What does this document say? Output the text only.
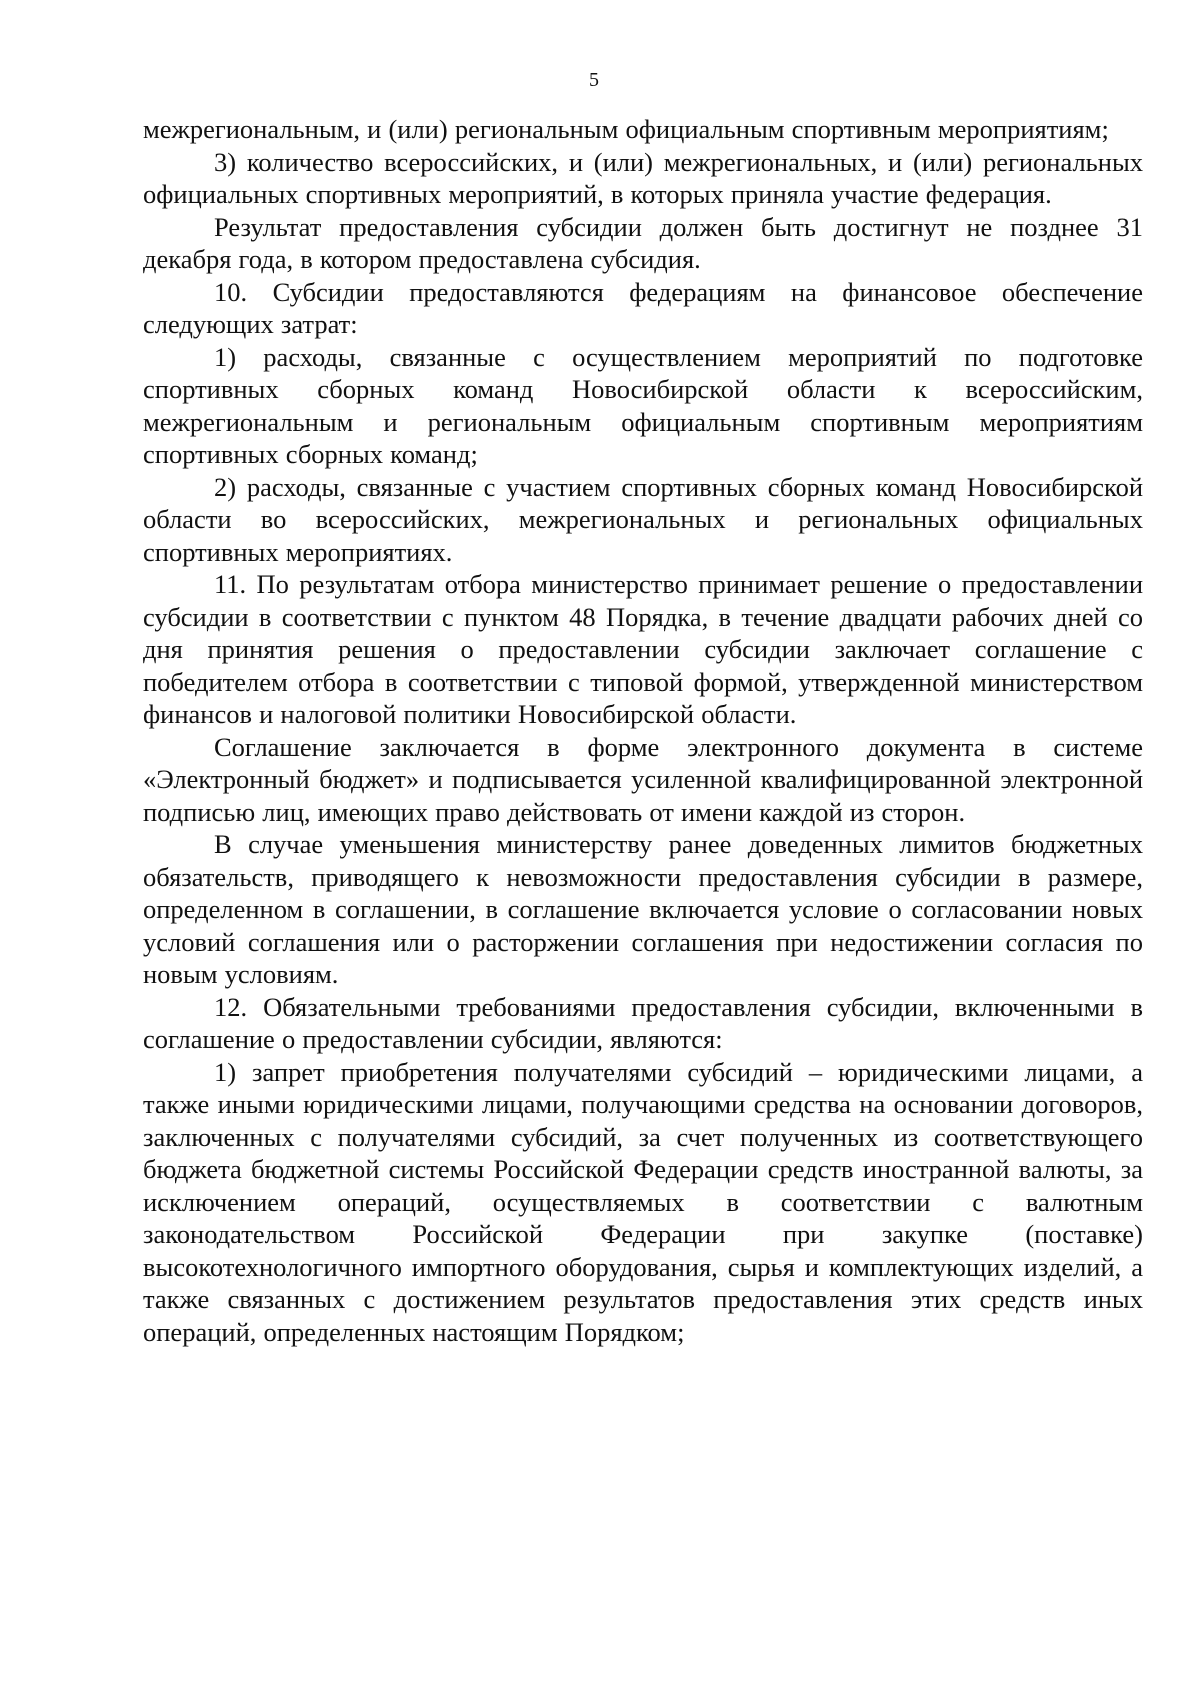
5

межрегиональным, и (или) региональным официальным спортивным мероприятиям;

3) количество всероссийских, и (или) межрегиональных, и (или) региональных официальных спортивных мероприятий, в которых приняла участие федерация.

Результат предоставления субсидии должен быть достигнут не позднее 31 декабря года, в котором предоставлена субсидия.

10. Субсидии предоставляются федерациям на финансовое обеспечение следующих затрат:

1) расходы, связанные с осуществлением мероприятий по подготовке спортивных сборных команд Новосибирской области к всероссийским, межрегиональным и региональным официальным спортивным мероприятиям спортивных сборных команд;

2) расходы, связанные с участием спортивных сборных команд Новосибирской области во всероссийских, межрегиональных и региональных официальных спортивных мероприятиях.

11. По результатам отбора министерство принимает решение о предоставлении субсидии в соответствии с пунктом 48 Порядка, в течение двадцати рабочих дней со дня принятия решения о предоставлении субсидии заключает соглашение с победителем отбора в соответствии с типовой формой, утвержденной министерством финансов и налоговой политики Новосибирской области.

Соглашение заключается в форме электронного документа в системе «Электронный бюджет» и подписывается усиленной квалифицированной электронной подписью лиц, имеющих право действовать от имени каждой из сторон.

В случае уменьшения министерству ранее доведенных лимитов бюджетных обязательств, приводящего к невозможности предоставления субсидии в размере, определенном в соглашении, в соглашение включается условие о согласовании новых условий соглашения или о расторжении соглашения при недостижении согласия по новым условиям.

12. Обязательными требованиями предоставления субсидии, включенными в соглашение о предоставлении субсидии, являются:

1) запрет приобретения получателями субсидий – юридическими лицами, а также иными юридическими лицами, получающими средства на основании договоров, заключенных с получателями субсидий, за счет полученных из соответствующего бюджета бюджетной системы Российской Федерации средств иностранной валюты, за исключением операций, осуществляемых в соответствии с валютным законодательством Российской Федерации при закупке (поставке) высокотехнологичного импортного оборудования, сырья и комплектующих изделий, а также связанных с достижением результатов предоставления этих средств иных операций, определенных настоящим Порядком;
